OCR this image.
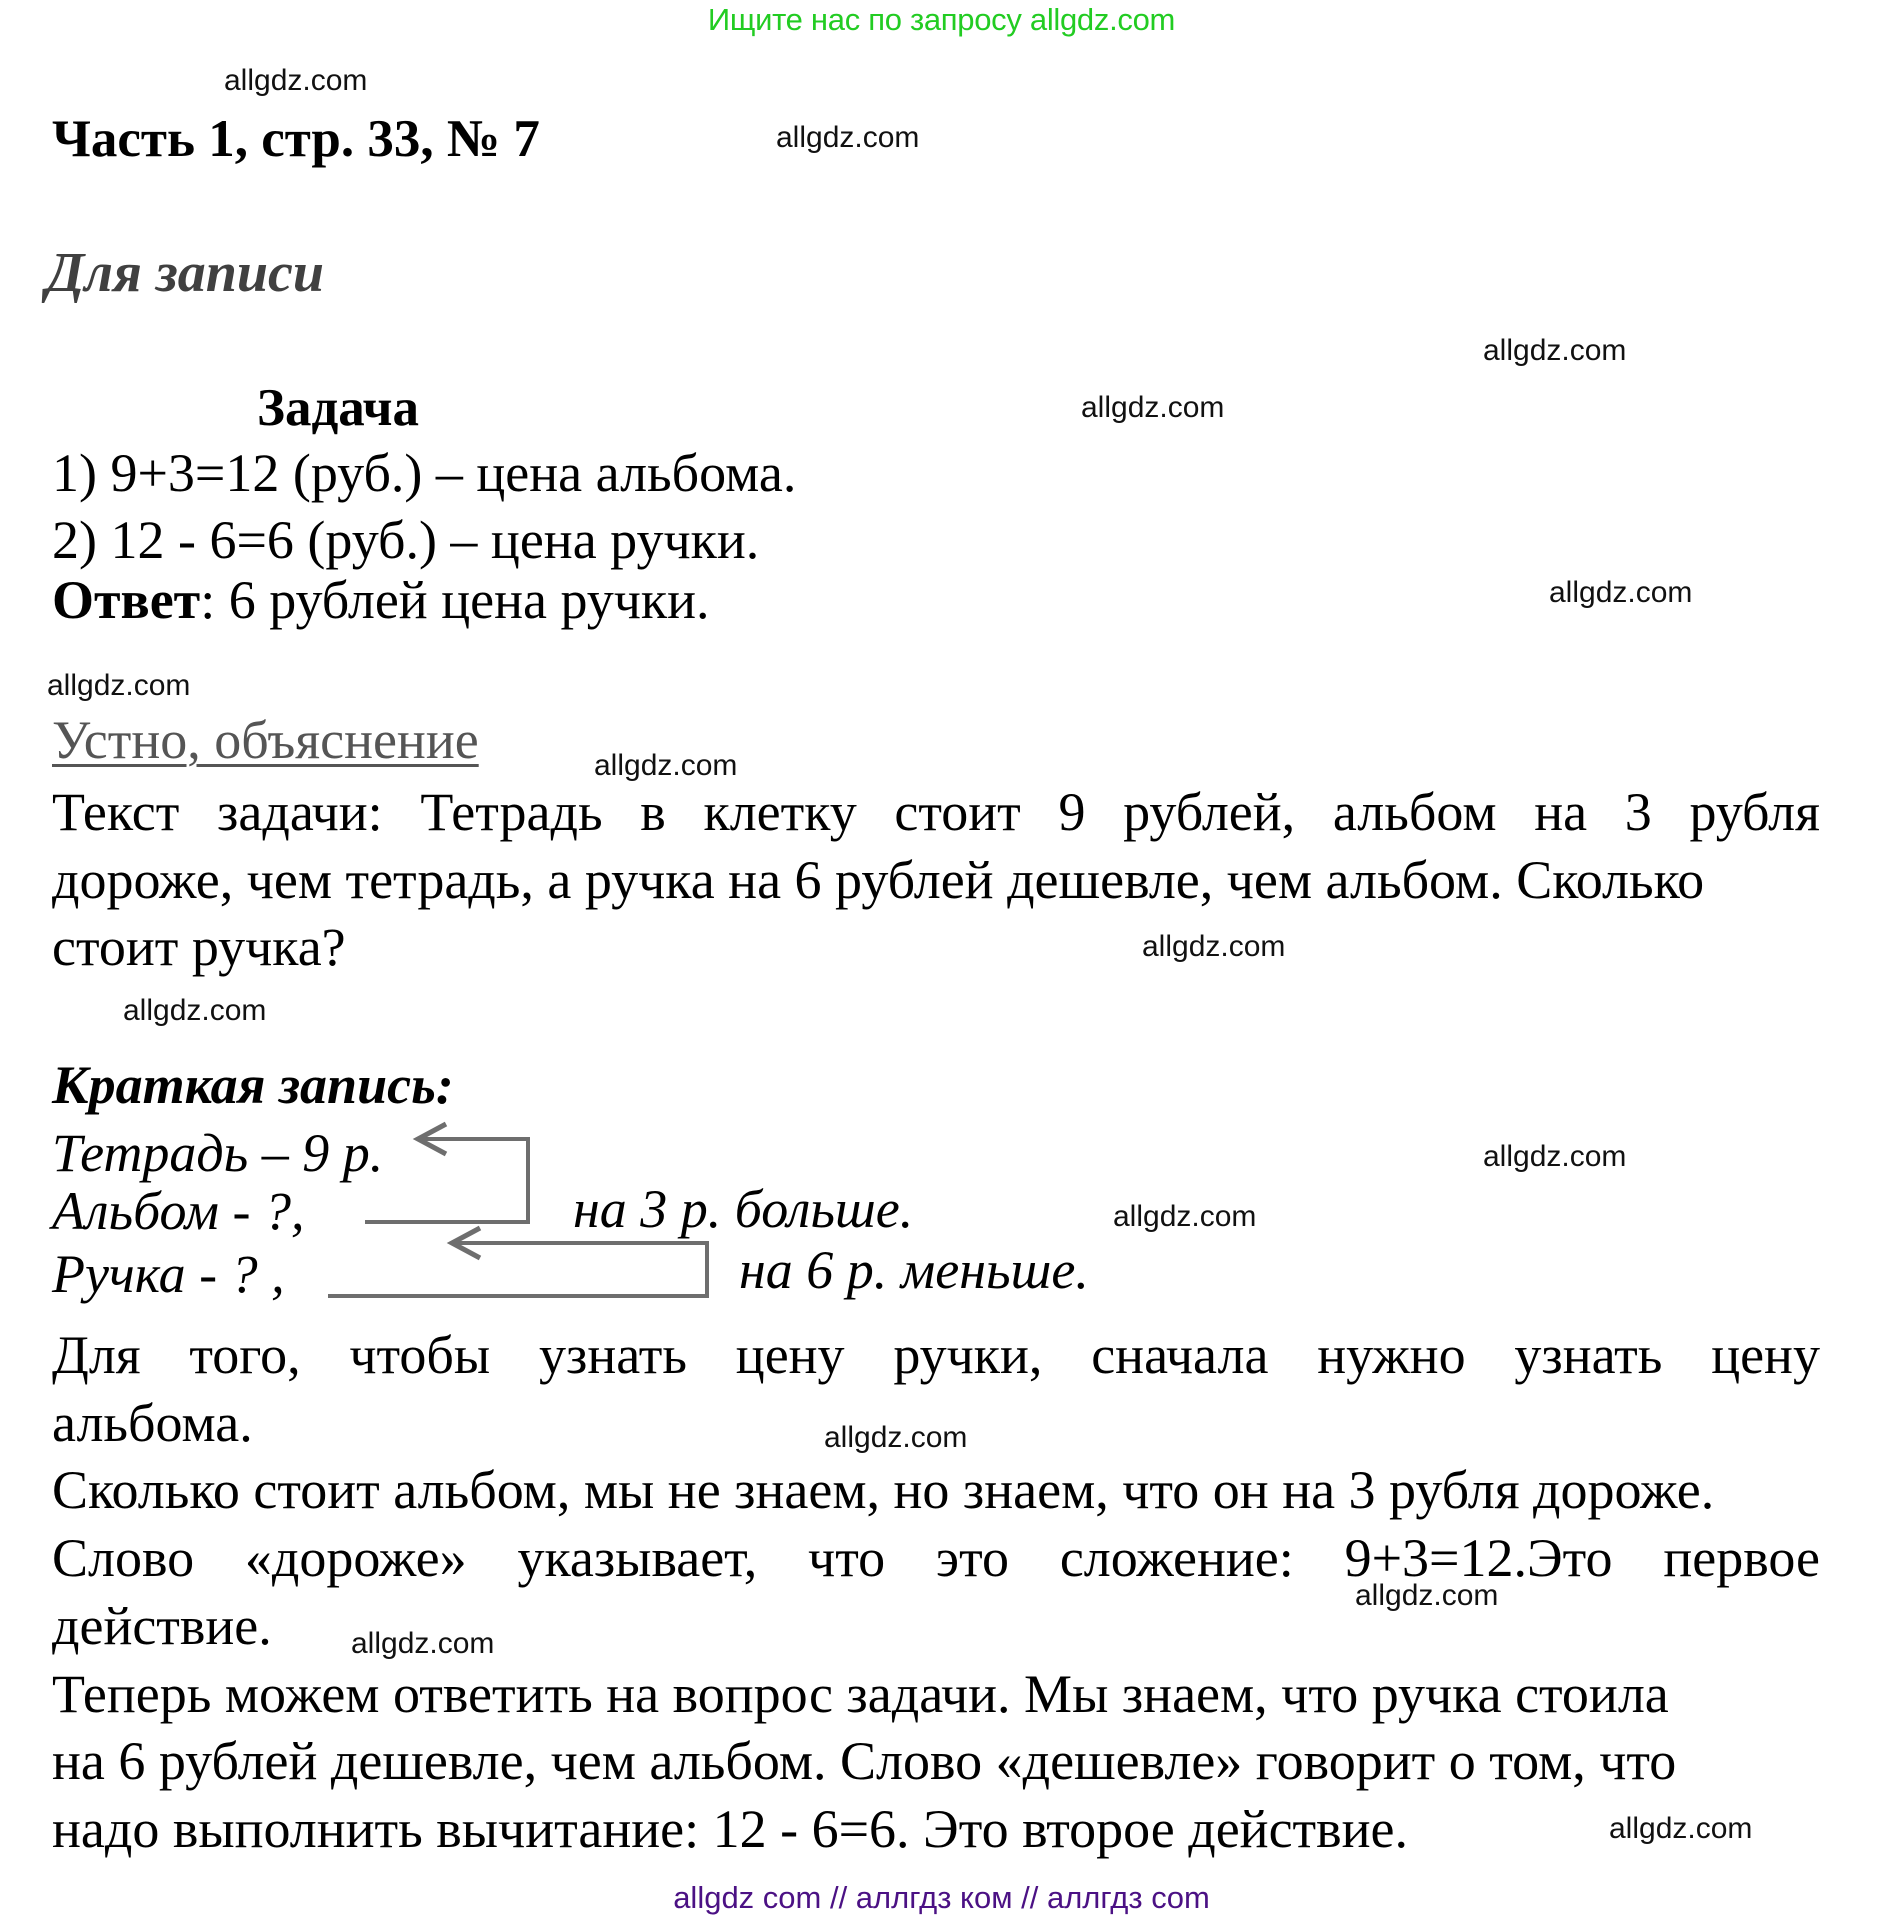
Ищите нас по запросу allgdz.com
Часть 1, стр. 33, № 7
Для записи
Задача
1) 9+3=12 (руб.) – цена альбома.
2) 12 - 6=6 (руб.) – цена ручки.
Ответ: 6 рублей цена ручки.
Устно, объяснение
Текст задачи: Тетрадь в клетку стоит 9 рублей, альбом на 3 рубля
дороже, чем тетрадь, а ручка на 6 рублей дешевле, чем альбом. Сколько
стоит ручка?
Краткая запись:
Тетрадь – 9 р.
Альбом - ?,	на 3 р. больше.
Ручка - ? ,	на 6 р. меньше.
Для того, чтобы узнать цену ручки, сначала нужно узнать цену
альбома.
Сколько стоит альбом, мы не знаем, но знаем, что он на 3 рубля дороже.
Слово «дороже» указывает, что это сложение: 9+3=12.Это первое
действие.
Теперь можем ответить на вопрос задачи. Мы знаем, что ручка стоила
на 6 рублей дешевле, чем альбом. Слово «дешевле» говорит о том, что
надо выполнить вычитание: 12 - 6=6. Это второе действие.
allgdz.com
allgdz.com
allgdz.com
allgdz.com
allgdz.com
allgdz.com
allgdz.com
allgdz.com
allgdz.com
allgdz.com
allgdz.com
allgdz.com
allgdz.com
allgdz.com
allgdz.com
allgdz com // аллгдз ком // аллгдз com
